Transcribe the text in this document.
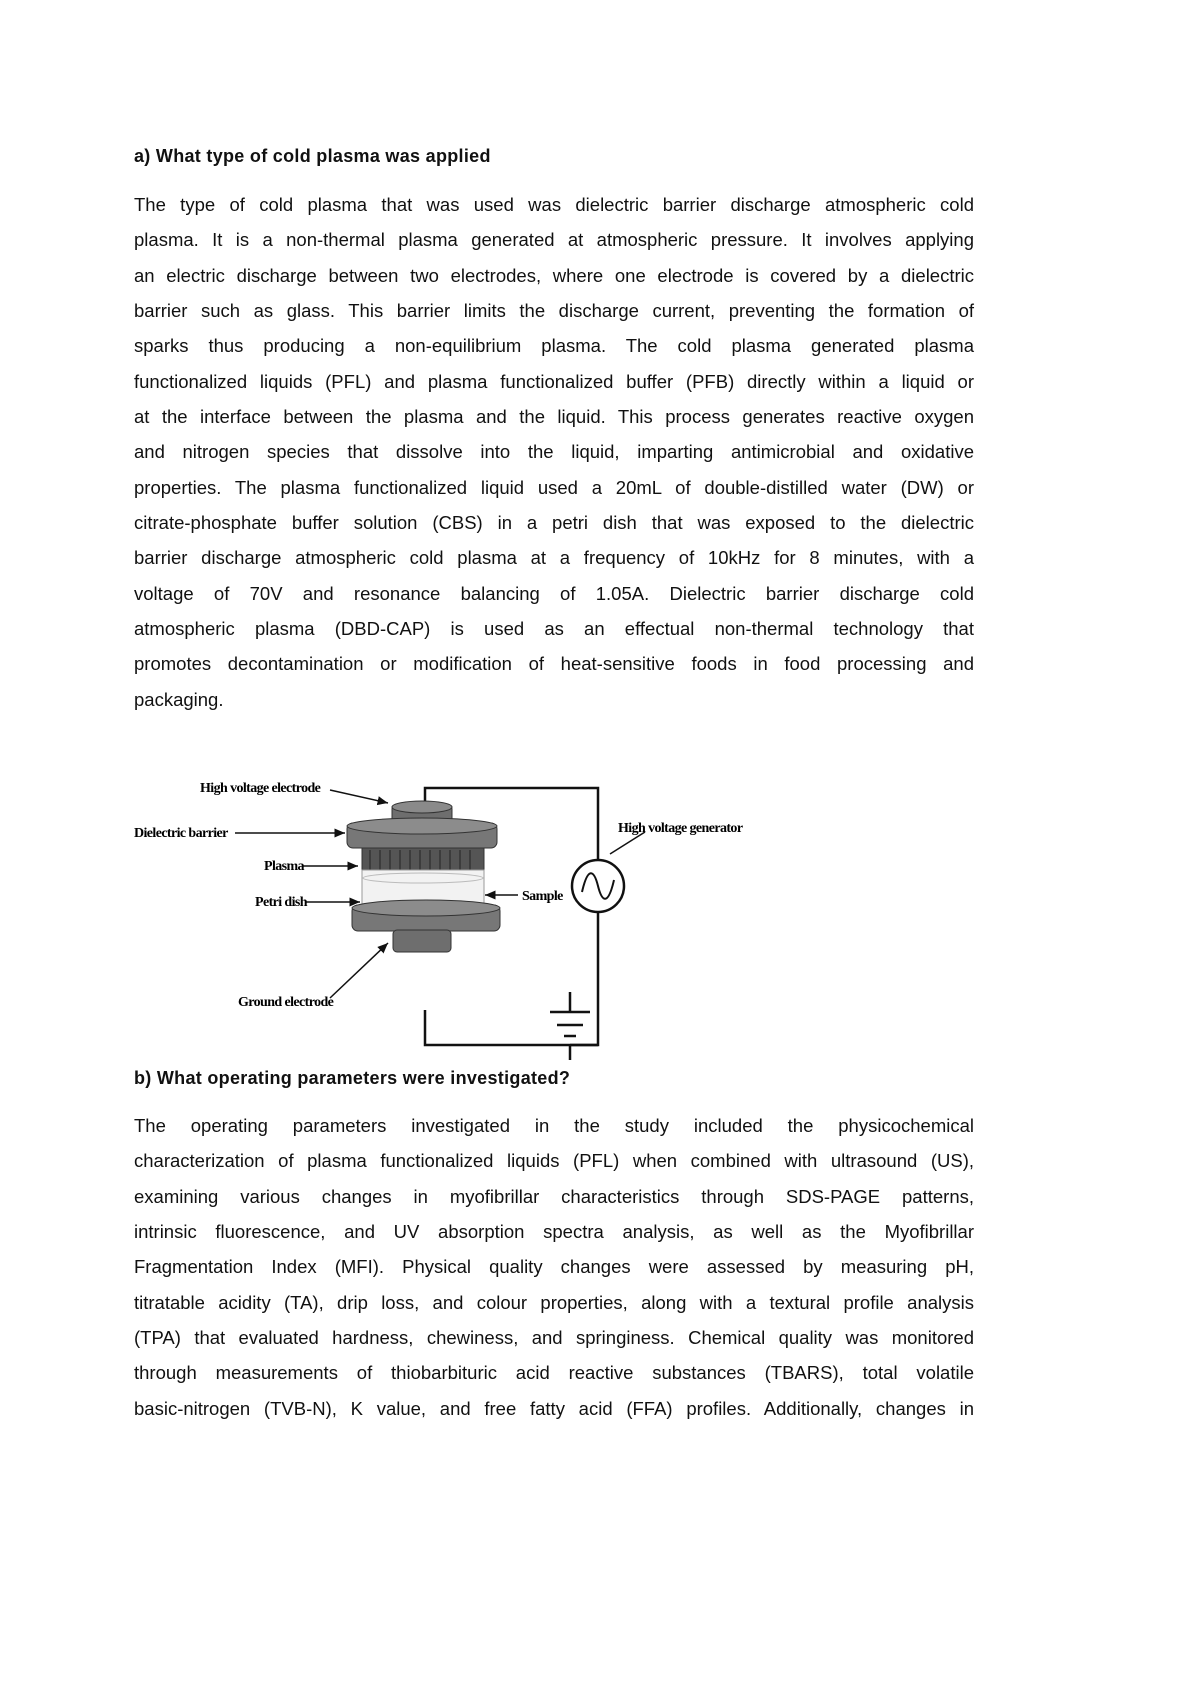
a) What type of cold plasma was applied
The type of cold plasma that was used was dielectric barrier discharge atmospheric cold
plasma. It is a non-thermal plasma generated at atmospheric pressure. It involves applying
an electric discharge between two electrodes, where one electrode is covered by a dielectric
barrier such as glass. This barrier limits the discharge current, preventing the formation of
sparks thus producing a non-equilibrium plasma. The cold plasma generated plasma
functionalized liquids (PFL) and plasma functionalized buffer (PFB) directly within a liquid or
at the interface between the plasma and the liquid. This process generates reactive oxygen
and nitrogen species that dissolve into the liquid, imparting antimicrobial and oxidative
properties. The plasma functionalized liquid used a 20mL of double-distilled water (DW) or
citrate-phosphate buffer solution (CBS) in a petri dish that was exposed to the dielectric
barrier discharge atmospheric cold plasma at a frequency of 10kHz for 8 minutes, with a
voltage of 70V and resonance balancing of 1.05A. Dielectric barrier discharge cold
atmospheric plasma (DBD-CAP) is used as an effectual non-thermal technology that
promotes decontamination or modification of heat-sensitive foods in food processing and
packaging.
High voltage electrode
Dielectric barrier
Plasma
Petri dish	Sample
High voltage generator
Ground electrode
b) What operating parameters were investigated?
The operating parameters investigated in the study included the physicochemical
characterization of plasma functionalized liquids (PFL) when combined with ultrasound (US),
examining various changes in myofibrillar characteristics through SDS-PAGE patterns,
intrinsic fluorescence, and UV absorption spectra analysis, as well as the Myofibrillar
Fragmentation Index (MFI). Physical quality changes were assessed by measuring pH,
titratable acidity (TA), drip loss, and colour properties, along with a textural profile analysis
(TPA) that evaluated hardness, chewiness, and springiness. Chemical quality was monitored
through measurements of thiobarbituric acid reactive substances (TBARS), total volatile
basic-nitrogen (TVB-N), K value, and free fatty acid (FFA) profiles. Additionally, changes in
